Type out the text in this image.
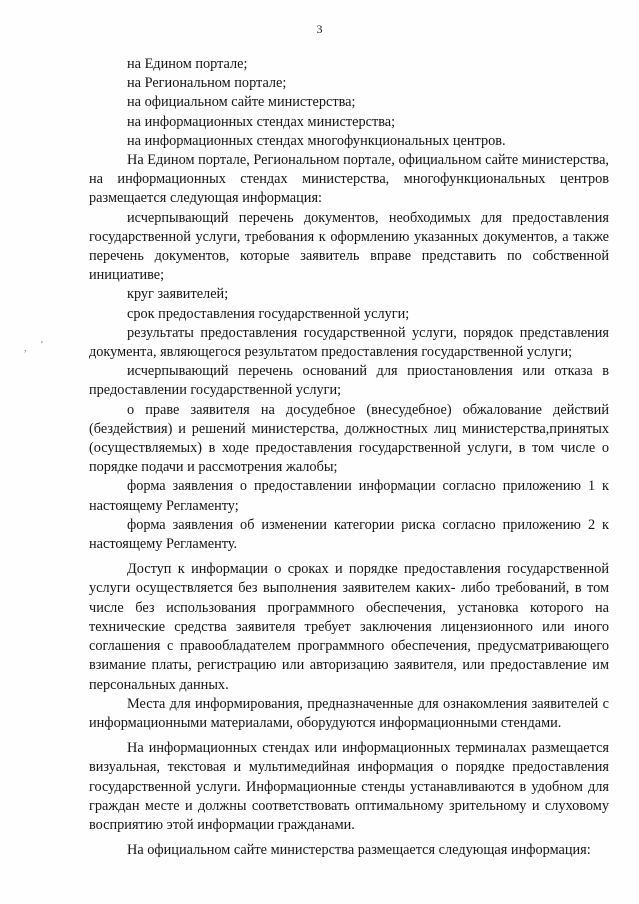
3
, '

на Едином портале;

на Региональном портале;

на официальном сайте министерства;

на информационных стендах министерства;

на информационных стендах многофункциональных центров.

На Едином портале, Региональном портале, официальном сайте министерства, на информационных стендах министерства, многофункциональных центров размещается следующая информация:

исчерпывающий перечень документов, необходимых для предоставления государственной услуги, требования к оформлению указанных документов, а также перечень документов, которые заявитель вправе представить по собственной инициативе;

круг заявителей;

срок предоставления государственной услуги;

результаты предоставления государственной услуги, порядок представления документа, являющегося результатом предоставления государственной услуги;

исчерпывающий перечень оснований для приостановления или отказа в предоставлении государственной услуги;

о праве заявителя на досудебное (внесудебное) обжалование действий (бездействия) и решений министерства, должностных лиц министерства,принятых (осуществляемых) в ходе предоставления государственной услуги, в том числе о порядке подачи и рассмотрения жалобы;

форма заявления о предоставлении информации согласно приложению 1 к настоящему Регламенту;

форма заявления об изменении категории риска согласно приложению 2 к настоящему Регламенту.

Доступ к информации о сроках и порядке предоставления государственной услуги осуществляется без выполнения заявителем каких- либо требований, в том числе без использования программного обеспечения, установка которого на технические средства заявителя требует заключения лицензионного или иного соглашения с правообладателем программного обеспечения, предусматривающего взимание платы, регистрацию или авторизацию заявителя, или предоставление им персональных данных.

Места для информирования, предназначенные для ознакомления заявителей с информационными материалами, оборудуются информационными стендами.

На информационных стендах или информационных терминалах размещается визуальная, текстовая и мультимедийная информация о порядке предоставления государственной услуги. Информационные стенды устанавливаются в удобном для граждан месте и должны соответствовать оптимальному зрительному и слуховому восприятию этой информации гражданами.

На официальном сайте министерства размещается следующая информация:
